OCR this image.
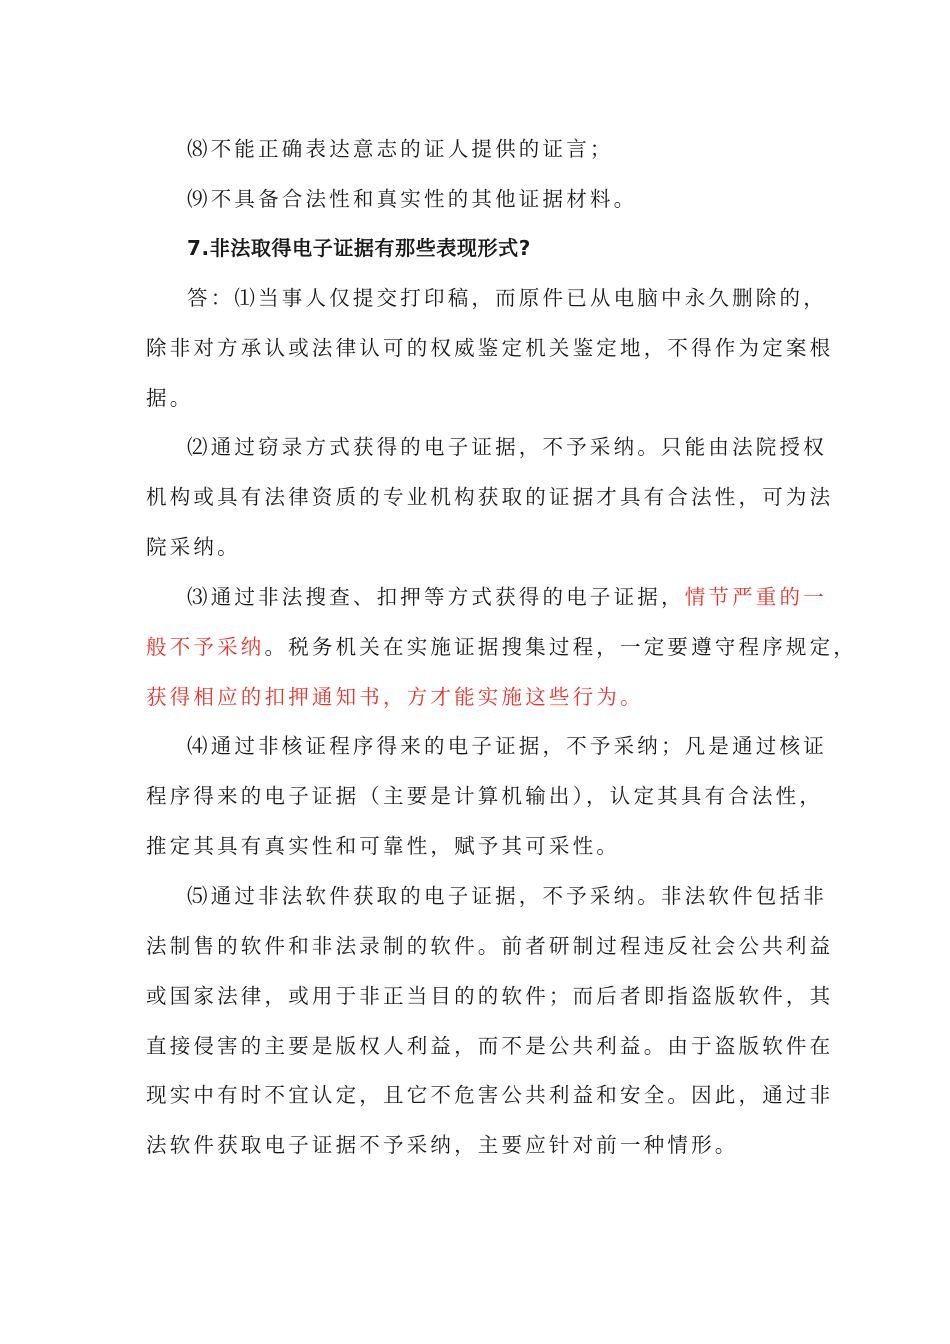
⑻不能正确表达意志的证人提供的证言；
⑼不具备合法性和真实性的其他证据材料。
7.非法取得电子证据有那些表现形式?
答：⑴当事人仅提交打印稿，而原件已从电脑中永久删除的，
除非对方承认或法律认可的权威鉴定机关鉴定地，不得作为定案根
据。
⑵通过窃录方式获得的电子证据，不予采纳。只能由法院授权
机构或具有法律资质的专业机构获取的证据才具有合法性，可为法
院采纳。
⑶通过非法搜查、扣押等方式获得的电子证据，情节严重的一
般不予采纳。税务机关在实施证据搜集过程，一定要遵守程序规定，
获得相应的扣押通知书，方才能实施这些行为。
⑷通过非核证程序得来的电子证据，不予采纳；凡是通过核证
程序得来的电子证据（主要是计算机输出），认定其具有合法性，
推定其具有真实性和可靠性，赋予其可采性。
⑸通过非法软件获取的电子证据，不予采纳。非法软件包括非
法制售的软件和非法录制的软件。前者研制过程违反社会公共利益
或国家法律，或用于非正当目的的软件；而后者即指盗版软件，其
直接侵害的主要是版权人利益，而不是公共利益。由于盗版软件在
现实中有时不宜认定，且它不危害公共利益和安全。因此，通过非
法软件获取电子证据不予采纳，主要应针对前一种情形。
